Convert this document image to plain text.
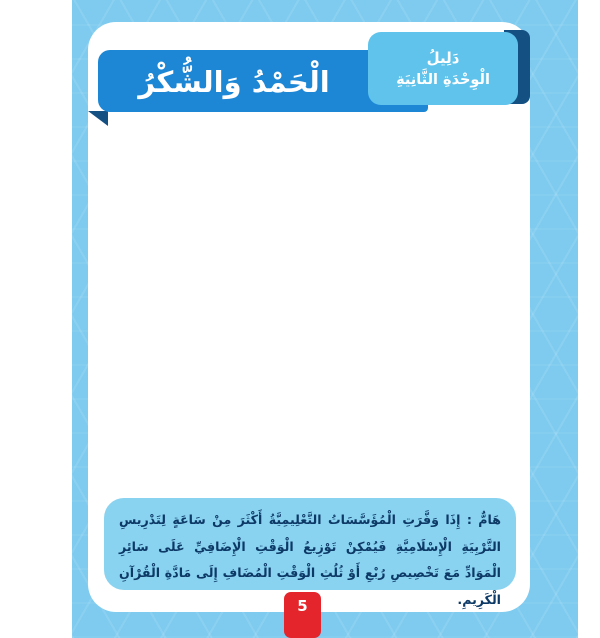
الْحَمْدُ وَالشُّكْرُ
دَلِيلُ
الْوِحْدَةِ الثَّانِيَةِ
هَامٌّ : إِذَا وَفَّرَتِ الْمُؤَسَّسَاتُ التَّعْلِيمِيَّةُ أَكْثَرَ مِنْ سَاعَةٍ لِتَدْرِيسِ التَّرْبِيَةِ الْإِسْلَامِيَّةِ فَيُمْكِنْ تَوْزِيعُ الْوَقْتِ الْإِضَافِيِّ عَلَى سَائِرِ الْمَوَادِّ مَعَ تَخْصِيصِ رُبْعِ أَوْ ثُلُثِ الْوَقْتِ الْمُضَافِ إِلَى مَادَّةِ الْقُرْآنِ الْكَرِيمِ.
5
